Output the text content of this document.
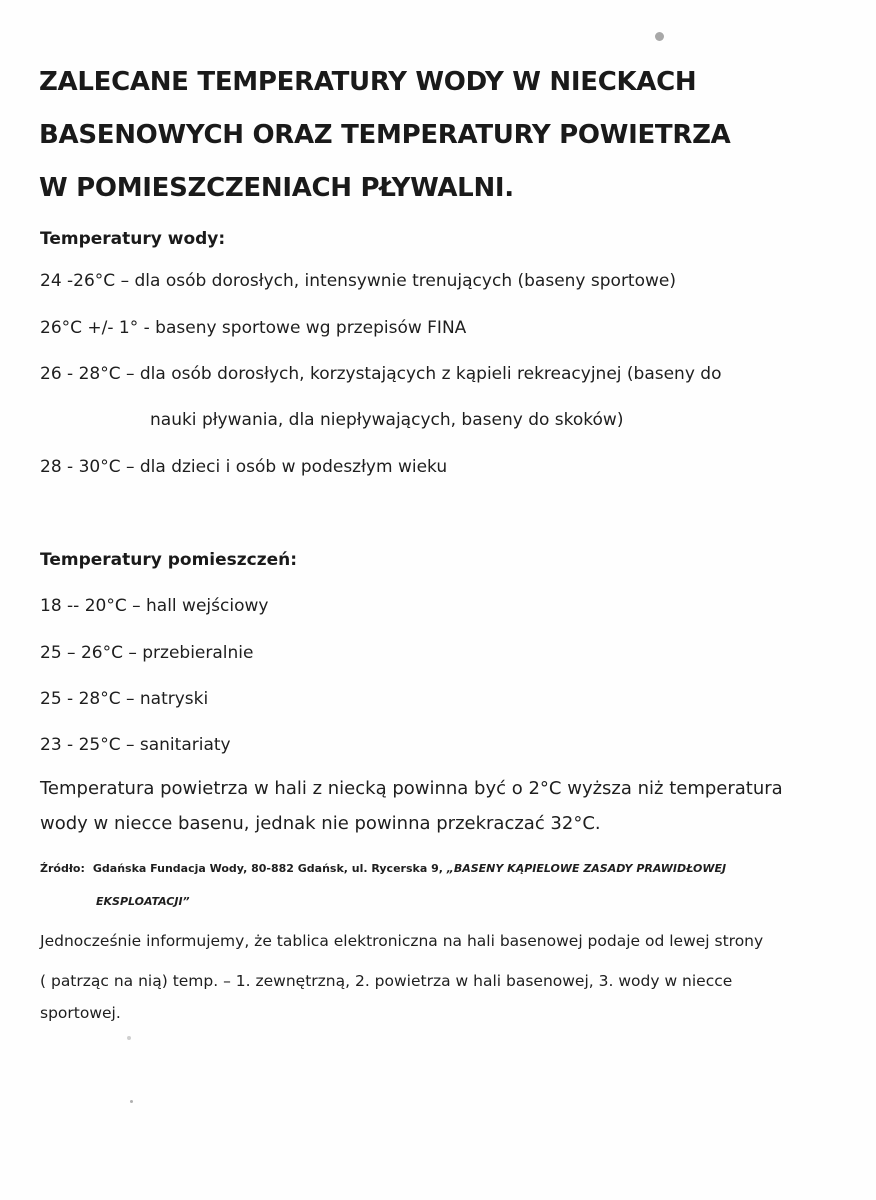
ZALECANE TEMPERATURY WODY W NIECKACH
BASENOWYCH ORAZ TEMPERATURY POWIETRZA
W POMIESZCZENIACH PŁYWALNI.
Temperatury wody:
24 -26°C – dla osób dorosłych, intensywnie trenujących (baseny sportowe)
26°C +/- 1° - baseny sportowe wg przepisów FINA
26 - 28°C – dla osób dorosłych, korzystających z kąpieli rekreacyjnej (baseny do
nauki pływania, dla niepływających, baseny do skoków)
28 - 30°C – dla dzieci i osób w podeszłym wieku
Temperatury pomieszczeń:
18 -- 20°C – hall wejściowy
25 – 26°C – przebieralnie
25 - 28°C – natryski
23 - 25°C – sanitariaty
Temperatura powietrza w hali z niecką powinna być o 2°C wyższa niż temperatura
wody w niecce basenu, jednak nie powinna przekraczać 32°C.
Źródło: Gdańska Fundacja Wody, 80-882 Gdańsk, ul. Rycerska 9, „BASENY KĄPIELOWE ZASADY PRAWIDŁOWEJ
EKSPLOATACJI”
Jednocześnie informujemy, że tablica elektroniczna na hali basenowej podaje od lewej strony
( patrząc na nią) temp. – 1. zewnętrzną, 2. powietrza w hali basenowej, 3. wody w niecce
sportowej.
